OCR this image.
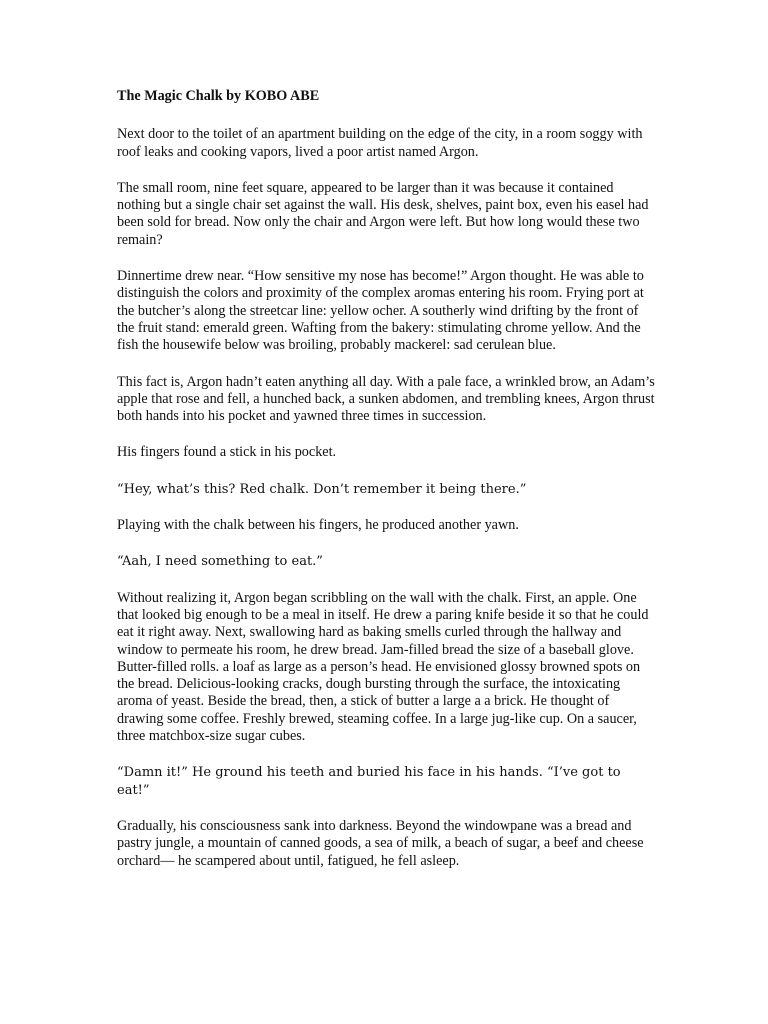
The Magic Chalk by KOBO ABE

Next door to the toilet of an apartment building on the edge of the city, in a room soggy with roof leaks and cooking vapors, lived a poor artist named Argon.

The small room, nine feet square, appeared to be larger than it was because it contained nothing but a single chair set against the wall. His desk, shelves, paint box, even his easel had been sold for bread. Now only the chair and Argon were left. But how long would these two remain?

Dinnertime drew near. “How sensitive my nose has become!” Argon thought. He was able to distinguish the colors and proximity of the complex aromas entering his room. Frying port at the butcher’s along the streetcar line: yellow ocher. A southerly wind drifting by the front of the fruit stand: emerald green. Wafting from the bakery: stimulating chrome yellow. And the fish the housewife below was broiling, probably mackerel: sad cerulean blue.

This fact is, Argon hadn’t eaten anything all day. With a pale face, a wrinkled brow, an Adam’s apple that rose and fell, a hunched back, a sunken abdomen, and trembling knees, Argon thrust both hands into his pocket and yawned three times in succession.

His fingers found a stick in his pocket.

“Hey, what’s this? Red chalk. Don’t remember it being there.”

Playing with the chalk between his fingers, he produced another yawn.

“Aah, I need something to eat.”

Without realizing it, Argon began scribbling on the wall with the chalk. First, an apple. One that looked big enough to be a meal in itself. He drew a paring knife beside it so that he could eat it right away. Next, swallowing hard as baking smells curled through the hallway and window to permeate his room, he drew bread. Jam-filled bread the size of a baseball glove. Butter-filled rolls. a loaf as large as a person’s head. He envisioned glossy browned spots on the bread. Delicious-looking cracks, dough bursting through the surface, the intoxicating aroma of yeast. Beside the bread, then, a stick of butter a large a a brick. He thought of drawing some coffee. Freshly brewed, steaming coffee. In a large jug-like cup. On a saucer, three matchbox-size sugar cubes.

“Damn it!” He ground his teeth and buried his face in his hands. “I’ve got to eat!”

Gradually, his consciousness sank into darkness. Beyond the windowpane was a bread and pastry jungle, a mountain of canned goods, a sea of milk, a beach of sugar, a beef and cheese orchard— he scampered about until, fatigued, he fell asleep.
